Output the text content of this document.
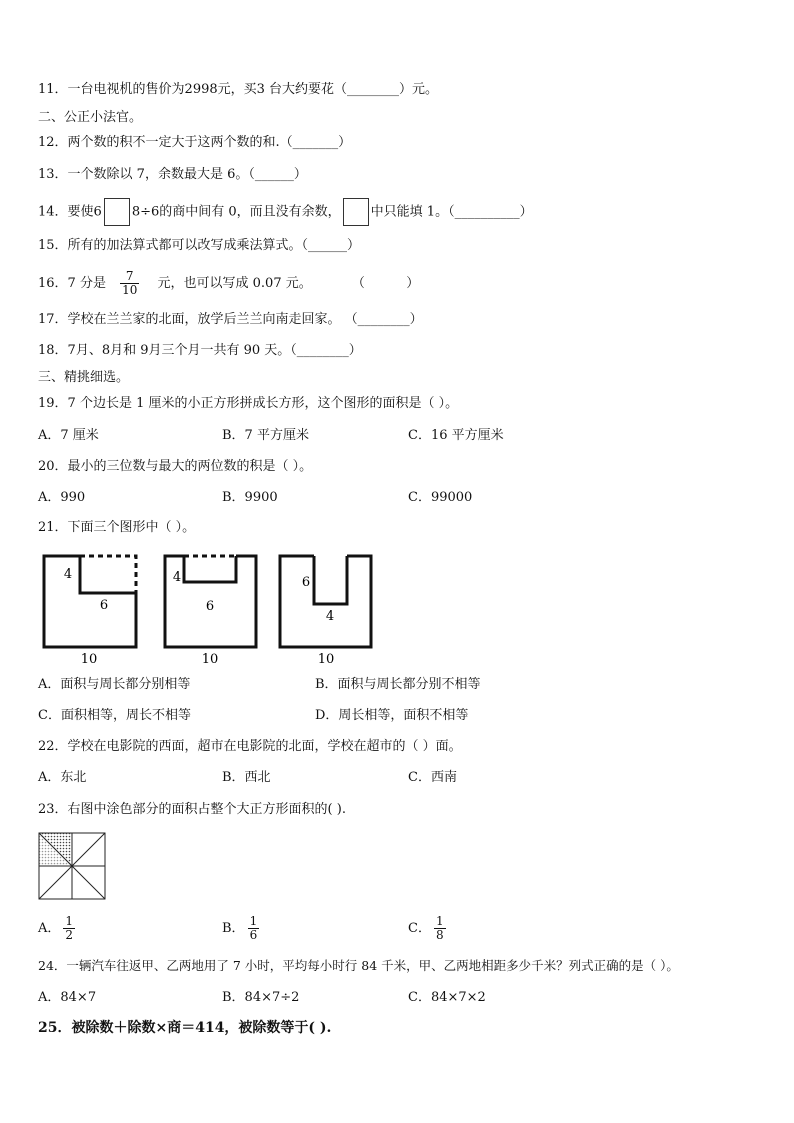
11．一台电视机的售价为2998元，买3 台大约要花（________）元。
二、公正小法官。
12．两个数的积不一定大于这两个数的和.（_______）
13．一个数除以 7，余数最大是 6。（______）
14．要使6 8÷6的商中间有 0，而且没有余数， 中只能填 1。（__________）
15．所有的加法算式都可以改写成乘法算式。（______）
16．7 分是 $\frac{7}{10}$ 元，也可以写成 0.07 元。	（          ）
17．学校在兰兰家的北面，放学后兰兰向南走回家。 （________）
18．7月、8月和 9月三个月一共有 90 天。（________）
三、精挑细选。
19．7 个边长是 1 厘米的小正方形拼成长方形，这个图形的面积是（ ）。
A．7 厘米	B．7 平方厘米	C．16 平方厘米
20．最小的三位数与最大的两位数的积是（ ）。
A．990	B．9900	C．99000
21．下面三个图形中（ ）。
4
6
10
4
6
10
6
4
10
A．面积与周长都分别相等	B．面积与周长都分别不相等
C．面积相等，周长不相等	D．周长相等，面积不相等
22．学校在电影院的西面，超市在电影院的北面，学校在超市的（ ）面。
A．东北	B．西北	C．西南
23．右图中涂色部分的面积占整个大正方形面积的( ).
A． $\frac{1}{2}$	B． $\frac{1}{6}$	C． $\frac{1}{8}$
24．一辆汽车往返甲、乙两地用了 7 小时，平均每小时行 84 千米，甲、乙两地相距多少千米？列式正确的是（ ）。
A．84×7	B．84×7÷2	C．84×7×2
25．被除数＋除数×商＝414，被除数等于( ).
